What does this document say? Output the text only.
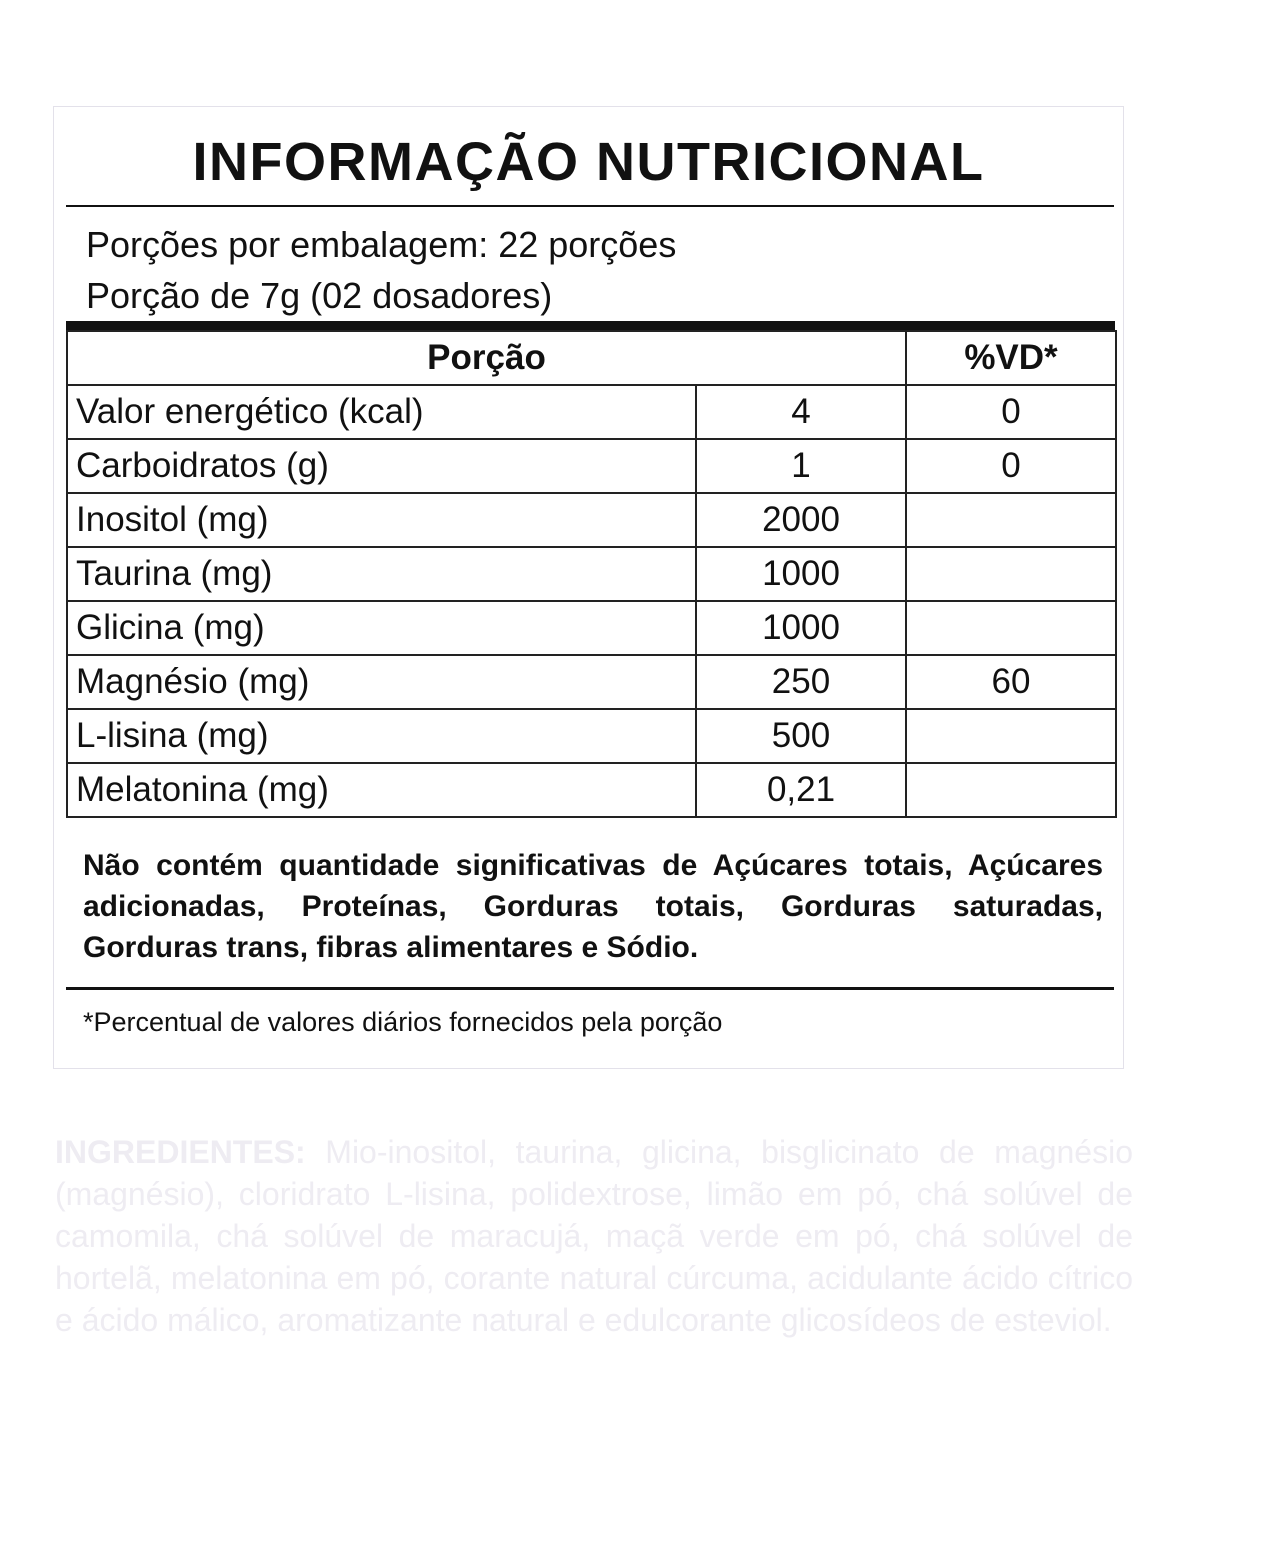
INFORMAÇÃO NUTRICIONAL
Porções por embalagem: 22 porções
Porção de 7g (02 dosadores)
Porção		%VD*
Valor energético (kcal)	4	0
Carboidratos (g)	1	0
Inositol (mg)	2000	
Taurina (mg)	1000	
Glicina (mg)	1000	
Magnésio (mg)	250	60
L-lisina (mg)	500	
Melatonina (mg)	0,21	
Não contém quantidade significativas de Açúcares totais, Açúcares adicionadas, Proteínas, Gorduras totais, Gorduras saturadas, Gorduras trans, fibras alimentares e Sódio.
*Percentual de valores diários fornecidos pela porção
INGREDIENTES: Mio-inositol, taurina, glicina, bisglicinato de magnésio (magnésio), cloridrato L-lisina, polidextrose, limão em pó, chá solúvel de camomila, chá solúvel de maracujá, maçã verde em pó, chá solúvel de hortelã, melatonina em pó, corante natural cúrcuma, acidulante ácido cítrico e ácido málico, aromatizante natural e edulcorante glicosídeos de esteviol.
